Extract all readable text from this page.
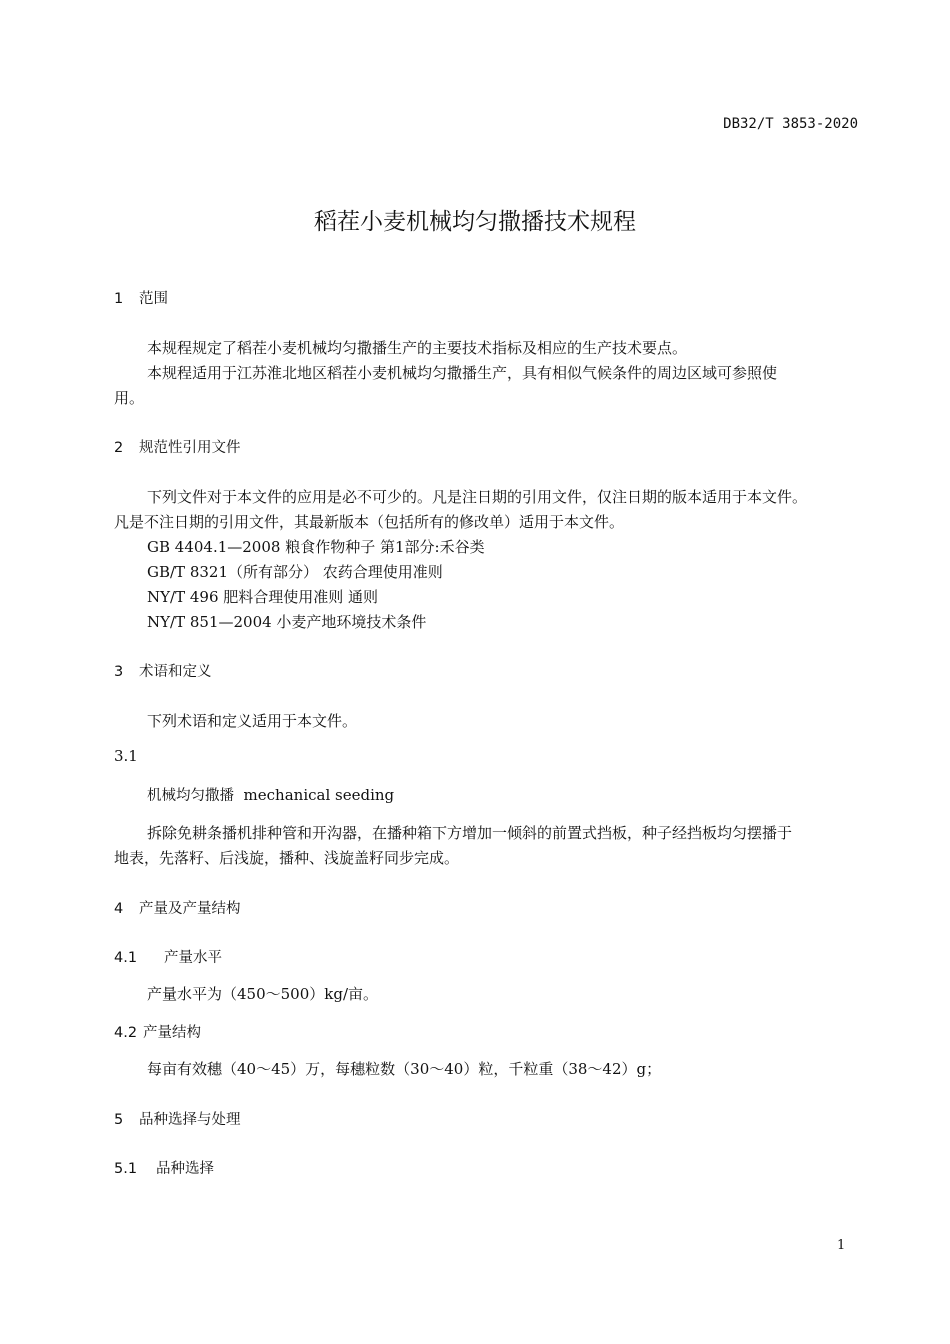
DB32/T 3853-2020
稻茬小麦机械均匀撒播技术规程
1 范围
本规程规定了稻茬小麦机械均匀撒播生产的主要技术指标及相应的生产技术要点。
本规程适用于江苏淮北地区稻茬小麦机械均匀撒播生产，具有相似气候条件的周边区域可参照使
用。
2 规范性引用文件
下列文件对于本文件的应用是必不可少的。凡是注日期的引用文件，仅注日期的版本适用于本文件。
凡是不注日期的引用文件，其最新版本（包括所有的修改单）适用于本文件。
GB 4404.1—2008 粮食作物种子 第1部分:禾谷类
GB/T 8321（所有部分） 农药合理使用准则
NY/T 496 肥料合理使用准则 通则
NY/T 851—2004 小麦产地环境技术条件
3 术语和定义
下列术语和定义适用于本文件。
3.1
机械均匀撒播 mechanical seeding
拆除免耕条播机排种管和开沟器，在播种箱下方增加一倾斜的前置式挡板，种子经挡板均匀摆播于
地表，先落籽、后浅旋，播种、浅旋盖籽同步完成。
4 产量及产量结构
4.1 产量水平
产量水平为（450～500）kg/亩。
4.2 产量结构
每亩有效穗（40～45）万，每穗粒数（30～40）粒，千粒重（38～42）g；
5 品种选择与处理
5.1 品种选择
1
